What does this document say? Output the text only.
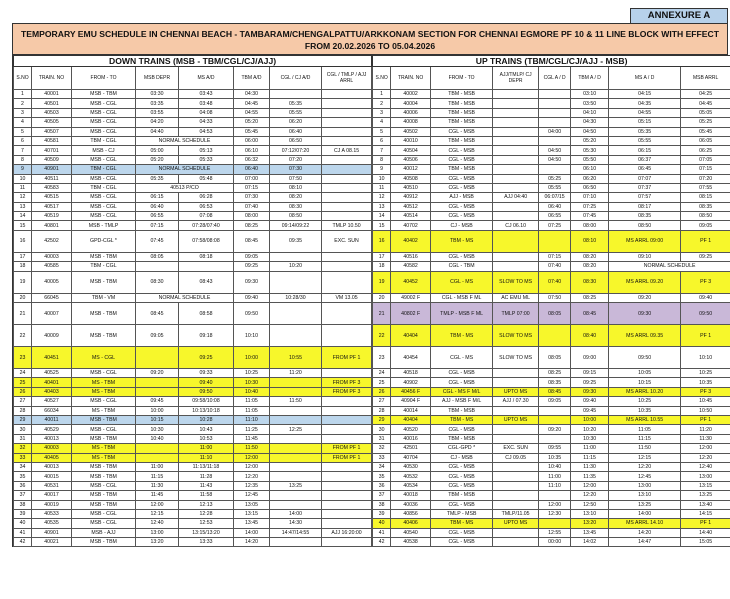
ANNEXURE A
TEMPORARY EMU SCHEDULE IN CHENNAI BEACH - TAMBARAM/CHENGALPATTU/ARKKONAM SECTION FOR CHENNAI EGMORE PF 10 & 11 LINE BLOCK WITH EFFECT
FROM 20.02.2026 TO 05.04.2026
DOWN TRAINS (MSB - TBM/CGL/CJ/AJJ)							
S.NO	TRAIN. NO	FROM - TO	MSB DEPR	MS A/D	TBM A/D	CGL / CJ A/D	CGL / TMLP / AJJ ARRL
1	40001	MSB - TBM	03:30	03:43	04:30		
2	40501	MSB - CGL	03:35	03:48	04:45	05:35	
3	40503	MSB - CGL	03:55	04:08	04:55	05:55	
4	40505	MSB - CGL	04:20	04:33	05:20	06:20	
5	40507	MSB - CGL	04:40	04:53	05:45	06:40	
6	40581	TBM - CGL	NORMAL SCHEDULE		06:00	06:50	
7	40701	MSB - CJ	05:00	05:13	06:10	07:12/07:20	CJ A 08.15
8	40509	MSB - CGL	05:20	05:33	06:32	07:20	
9	40901	TBM - CGL	NORMAL SCHEDULE		06:40	07:30	
10	40511	MSB - CGL	05:35	05:48	07:00	07:50	
11	40583	TBM - CGL	40513 P/CO		07:15	08:10	
12	40515	MSB - CGL	06:15	06:28	07:30	08:20	
13	40517	MSB - CGL	06:40	06:53	07:40	08:30	
14	40519	MSB - CGL	06:55	07:08	08:00	08:50	
15	40801	MSB - TMLP	07:15	07:28/07:40	08:25	09:14/09:22	TMLP 10.50
16	42502	GPD-CGL *	07:45	07:58/08:08	08:45	09:35	EXC. SUN
17	40003	MSB - TBM	08:05	08:18	09:05		
18	40585	TBM - CGL			09:25	10:20	
19	40005	MSB - TBM	08:30	08:43	09:30		
20	66045	TBM - VM	NORMAL SCHEDULE		09:40	10:28/30	VM 13.05
21	40007	MSB - TBM	08:45	08:58	09:50		
22	40009	MSB - TBM	09:05	09:18	10:10		
23	40451	MS - CGL		09:25	10:00	10:55	FROM PF 1
24	40525	MSB - CGL	09:20	09:33	10:25	11:20	
25	40401	MS - TBM		09:40	10:30		FROM PF 3
26	40403	MS - TBM		09:50	10:40		FROM PF 3
27	40527	MSB - CGL	09:45	09:58/10:08	11:05	11:50	
28	66034	MS - TBM	10:00	10:13/10:18	11:05		
29	40011	MSB - TBM	10:15	10:28	11:10		
30	40529	MSB - CGL	10:30	10:43	11:25	12:25	
31	40013	MSB - TBM	10:40	10:53	11:45		
32	40003	MS - TBM		11:00	11:50		FROM PF 1
33	40405	MS - TBM		11:10	12:00		FROM PF 1
34	40013	MSB - TBM	11:00	11:13/11:18	12:00		
35	40015	MSB - TBM	11:15	11:28	12:20		
36	40531	MSB - CGL	11:30	11:43	12:35	13:25	
37	40017	MSB - TBM	11:45	11:58	12:45		
38	40019	MSB - TBM	12:00	12:13	13:05		
39	40533	MSB - CGL	12:15	12:28	13:15	14:00	
40	40535	MSB - CGL	12:40	12:53	13:45	14:30	
41	40901	MSB - AJJ	13:00	13:15/13:20	14:00	14:47/14:55	AJJ 16:20:00
42	40021	MSB - TBM	13:20	13:33	14:20		
UP TRAINS (TBM/CGL/CJ/AJJ - MSB)							
S.NO	TRAIN. NO	FROM - TO	AJJ/TMLP/ CJ DEPR	CGL A / D	TBM A / D	MS A / D	MSB ARRL
1	40002	TBM - MSB			03:10	04:15	04:25
2	40004	TBM - MSB			03:50	04:35	04:45
3	40006	TBM - MSB			04:10	04:55	05:05
4	40008	TBM - MSB			04:30	05:15	05:25
5	40502	CGL - MSB		04:00	04:50	05:35	05:45
6	40010	TBM - MSB			05:20	05:55	06:05
7	40504	CGL - MSB		04:50	05:30	06:15	06:25
8	40506	CGL - MSB		04:50	05:50	06:37	07:05
9	40012	TBM - MSB			06:10	06:45	07:15
10	40508	CGL - MSB		05:25	06:20	07:07	07:20
11	40510	CGL - MSB		05:55	06:50	07:37	07:55
12	40912	AJJ - MSB	AJJ 04:40	06:07/15	07:10	07:57	08:15
13	40512	CGL - MSB		06:40	07:25	08:17	08:35
14	40514	CGL - MSB		06:55	07:45	08:35	08:50
15	40702	CJ - MSB	CJ 06.10	07:25	08:00	08:50	09:05
16	40402	TBM - MS			08:10	MS ARRL 09:00	PF 1
17	40516	CGL - MSB		07:15	08:20	09:10	09:25
18	40582	CGL - TBM		07:40	08:20	NORMAL SCHEDULE	
19	40452	CGL - MS	SLOW TO MS	07:40	08:30	MS ARRL 09.20	PF 3
20	49002 F	CGL - MSB F ML	AC EMU ML	07:50	08:25	09:20	09:40
21	40802 F	TMLP - MSB F ML	TMLP 07:00	08:05	08:45	09:30	09:50
22	40404	TBM - MS	SLOW TO MS		08:40	MS ARRL 09.35	PF 1
23	40454	CGL - MS	SLOW TO MS	08:05	09:00	09:50	10:10
24	40518	CGL - MSB		08:25	09:15	10:05	10:25
25	40902	CGL - MSB		08:35	09:25	10:15	10:35
26	40456 F	CGL - MS F M/L	UPTO MS	08:45	09:30	MS ARRL 10.20	PF 3
27	40904 F	AJJ - MSB F M/L	AJJ / 07.30	09:05	09:40	10:25	10:45
28	40014	TBM - MSB			09:45	10:35	10:50
29	40404	TBM - MS	UPTO MS		10:00	MS ARRL 10.55	PF 1
30	40520	CGL - MSB		09:20	10:20	11:05	11:20
31	40016	TBM - MSB			10:30	11:15	11:30
32	42501	CGL-GPD *	EXC. SUN	09:55	11:00	11:50	12:00
33	40704	CJ - MSB	CJ 09.05	10:35	11:15	12:15	12:20
34	40530	CGL - MSB		10:40	11:30	12:20	12:40
35	40532	CGL - MSB		11:00	11:35	12:45	13:00
36	40534	CGL - MSB		11:10	12:00	13:00	13:15
37	40018	TBM - MSB			12:20	13:10	13:25
38	40036	CGL - MSB		12:00	12:50	13:25	13:40
39	40856	TMLP - MSB	TMLP/11.05	12:30	13:10	14:00	14:15
40	40406	TBM - MS	UPTO MS		13:20	MS ARRL 14.10	PF 1
41	40540	CGL - MSB		12:55	13:45	14:20	14:40
42	40538	CGL - MSB		00:00	14:02	14:47	15:05
